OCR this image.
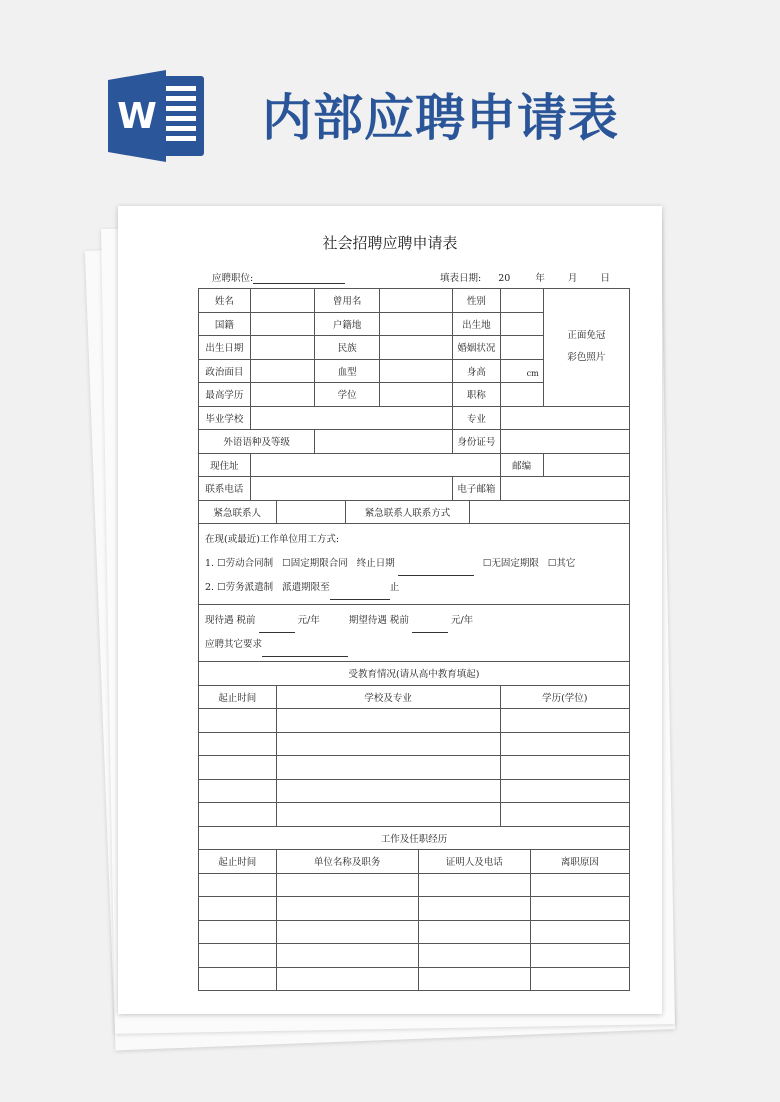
W 内部应聘申请表
社会招聘应聘申请表
应聘职位:	填表日期: 20	年 月 日
姓名			曾用名				性别				正面免冠
彩色照片

国籍			户籍地				出生地				
出生日期			民族				婚姻状况				
政治面目			血型				身高		cm		

最高学历			学位				职称				
毕业学校							专业				
外语语种及等级							身份证号				
现住址									邮编		
联系电话							电子邮箱				
紧急联系人				紧急联系人联系方式							

在现(或最近)工作单位用工方式:
1. ☐劳动合同制 ☐固定期限合同 终止日期 ☐无固定期限 ☐其它
2. ☐劳务派遣制 派遣期限至 止											

现待遇 税前 元/年 期望待遇 税前 元/年
应聘其它要求											

受教育情况(请从高中教育填起)											
起止时间		学校及专业							学历(学位)		

工作及任职经历											
起止时间		单位名称及职务				证明人及电话				离职原因	
